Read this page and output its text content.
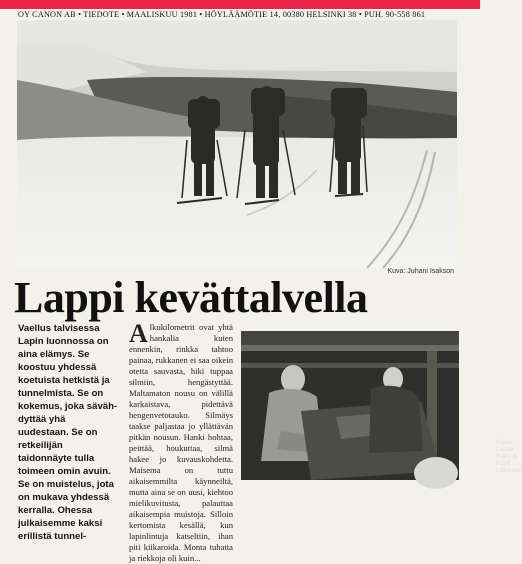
OY CANON AB • TIEDOTE • MAALISKUU 1981 • HÖYLÄÄMÖTIE 14, 00380 HELSINKI 38 • PUH. 90-558 861
Kuva: Juhani Isakson
Lappi kevättalvella
Vaellus talvisessa Lapin luonnossa on aina elämys. Se koostuu yhdessä koetuista hetkistä ja tunnelmista. Se on kokemus, joka säväh-dyttää yhä uudestaan. Se on retkeilijän taidonnäyte tulla toimeen omin avuin. Se on muistelus, jota on mukava yhdessä kerralla. Ohessa julkaisemme kaksi erillistä tunnel-
Alkukilometrit ovat yhtä hankalia kuten ennenkin, rinkka tahtoo painaa, rukkanen ei saa oikein otetta sauvasta, hiki tuppaa silmiin, hengästyttää. Maltamaton nousu on välillä karkaistava, pidettävä hengenvetotauko. Silmäys taakse paljastaa jo yllättävän pitkän nousun. Hanki hohtaa, peittää, houkuttaa, silmä hakee jo kuvauskohdetta. Maisema on tuttu aikaisemmilta käynneiltä, mutta aina se on uusi, kiehtoo mielikuvitusta, palauttaa aikaisempia muistoja. Silloin kertomista kesällä, kun lapinlintuja katseltiin, ihan piti kiikaroida. Monta tuhatta ja riekkoja oli kuin...
Kuva: Lasse Ståhl & Kristi Laksman
